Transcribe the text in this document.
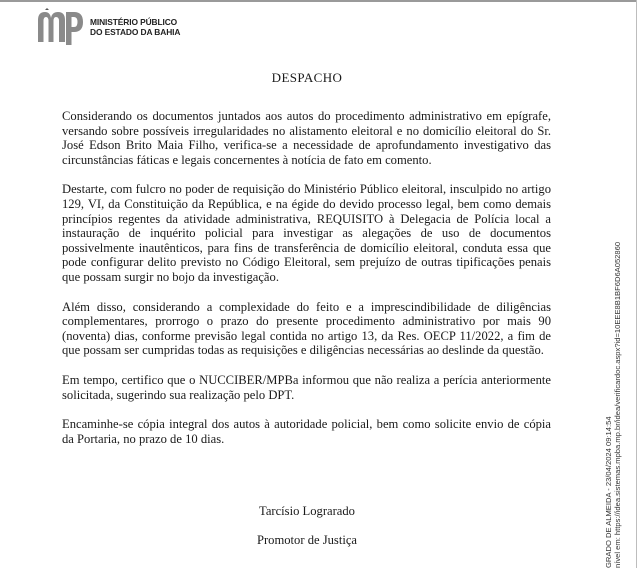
MINISTÉRIO PÚBLICO
DO ESTADO DA BAHIA
DESPACHO

Considerando os documentos juntados aos autos do procedimento administrativo em epígrafe, versando sobre possíveis irregularidades no alistamento eleitoral e no domicílio eleitoral do Sr. José Edson Brito Maia Filho, verifica-se a necessidade de aprofundamento investigativo das circunstâncias fáticas e legais concernentes à notícia de fato em comento.

Destarte, com fulcro no poder de requisição do Ministério Público eleitoral, insculpido no artigo 129, VI, da Constituição da República, e na égide do devido processo legal, bem como demais princípios regentes da atividade administrativa, REQUISITO à Delegacia de Polícia local a instauração de inquérito policial para investigar as alegações de uso de documentos possivelmente inautênticos, para fins de transferência de domicílio eleitoral, conduta essa que pode configurar delito previsto no Código Eleitoral, sem prejuízo de outras tipificações penais que possam surgir no bojo da investigação.

Além disso, considerando a complexidade do feito e a imprescindibilidade de diligências complementares, prorrogo o prazo do presente procedimento administrativo por mais 90 (noventa) dias, conforme previsão legal contida no artigo 13, da Res. OECP 11/2022, a fim de que possam ser cumpridas todas as requisições e diligências necessárias ao deslinde da questão.

Em tempo, certifico que o NUCCIBER/MPBa informou que não realiza a perícia anteriormente solicitada, sugerindo sua realização pelo DPT.

Encaminhe-se cópia integral dos autos à autoridade policial, bem como solicite envio de cópia da Portaria, no prazo de 10 dias.

Tarcísio Lograrado
Promotor de Justiça	GRADO DE ALMEIDA - 23/04/2024 09:14:54 nível em: https://idea.sistemas.mpba.mp.br/idea/verificardoc.aspx?id=10EEE8B1BF6D6A052860
